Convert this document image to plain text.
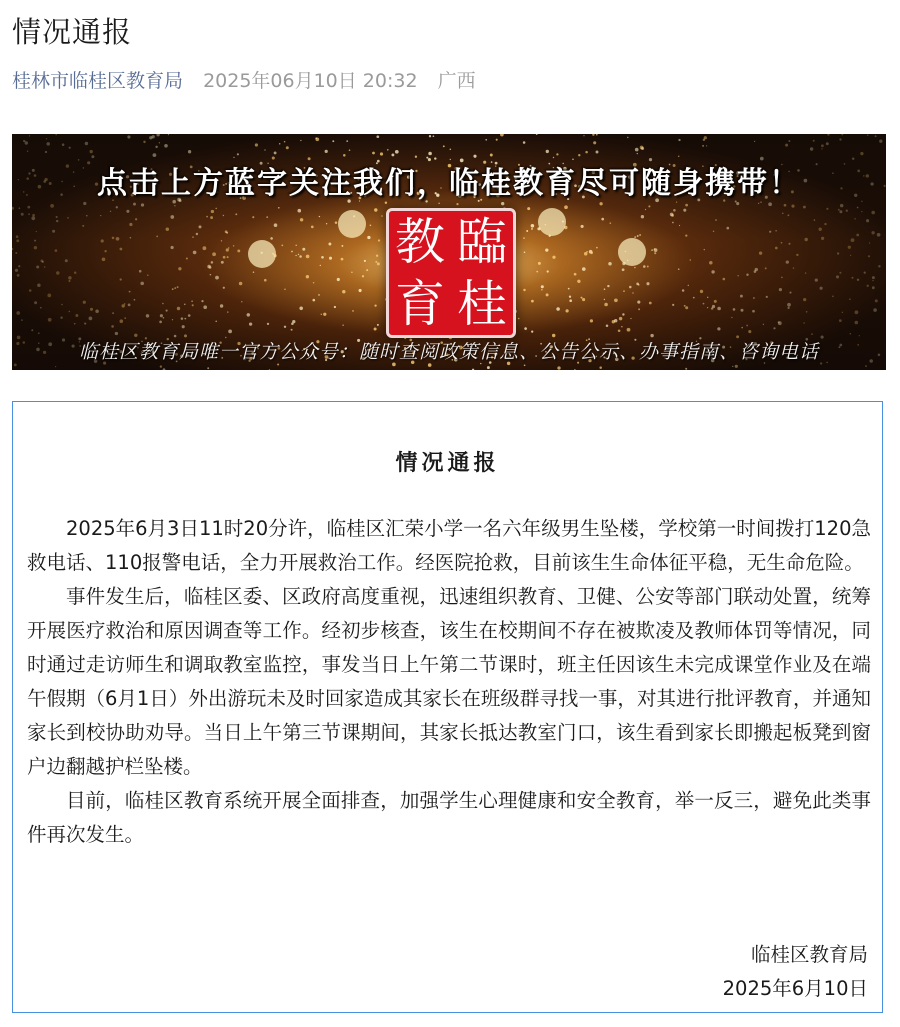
情况通报
桂林市临桂区教育局 2025年06月10日 20:32 广西
点击上方蓝字关注我们，临桂教育尽可随身携带！
教 臨
育 桂
临桂区教育局唯一官方公众号：随时查阅政策信息、公告公示、办事指南、咨询电话
情况通报

2025年6月3日11时20分许，临桂区汇荣小学一名六年级男生坠楼，学校第一时间拨打120急救电话、110报警电话，全力开展救治工作。经医院抢救，目前该生生命体征平稳，无生命危险。

事件发生后，临桂区委、区政府高度重视，迅速组织教育、卫健、公安等部门联动处置，统筹开展医疗救治和原因调查等工作。经初步核查，该生在校期间不存在被欺凌及教师体罚等情况，同时通过走访师生和调取教室监控，事发当日上午第二节课时，班主任因该生未完成课堂作业及在端午假期（6月1日）外出游玩未及时回家造成其家长在班级群寻找一事，对其进行批评教育，并通知家长到校协助劝导。当日上午第三节课期间，其家长抵达教室门口，该生看到家长即搬起板凳到窗户边翻越护栏坠楼。

目前，临桂区教育系统开展全面排查，加强学生心理健康和安全教育，举一反三，避免此类事件再次发生。

临桂区教育局
2025年6月10日
